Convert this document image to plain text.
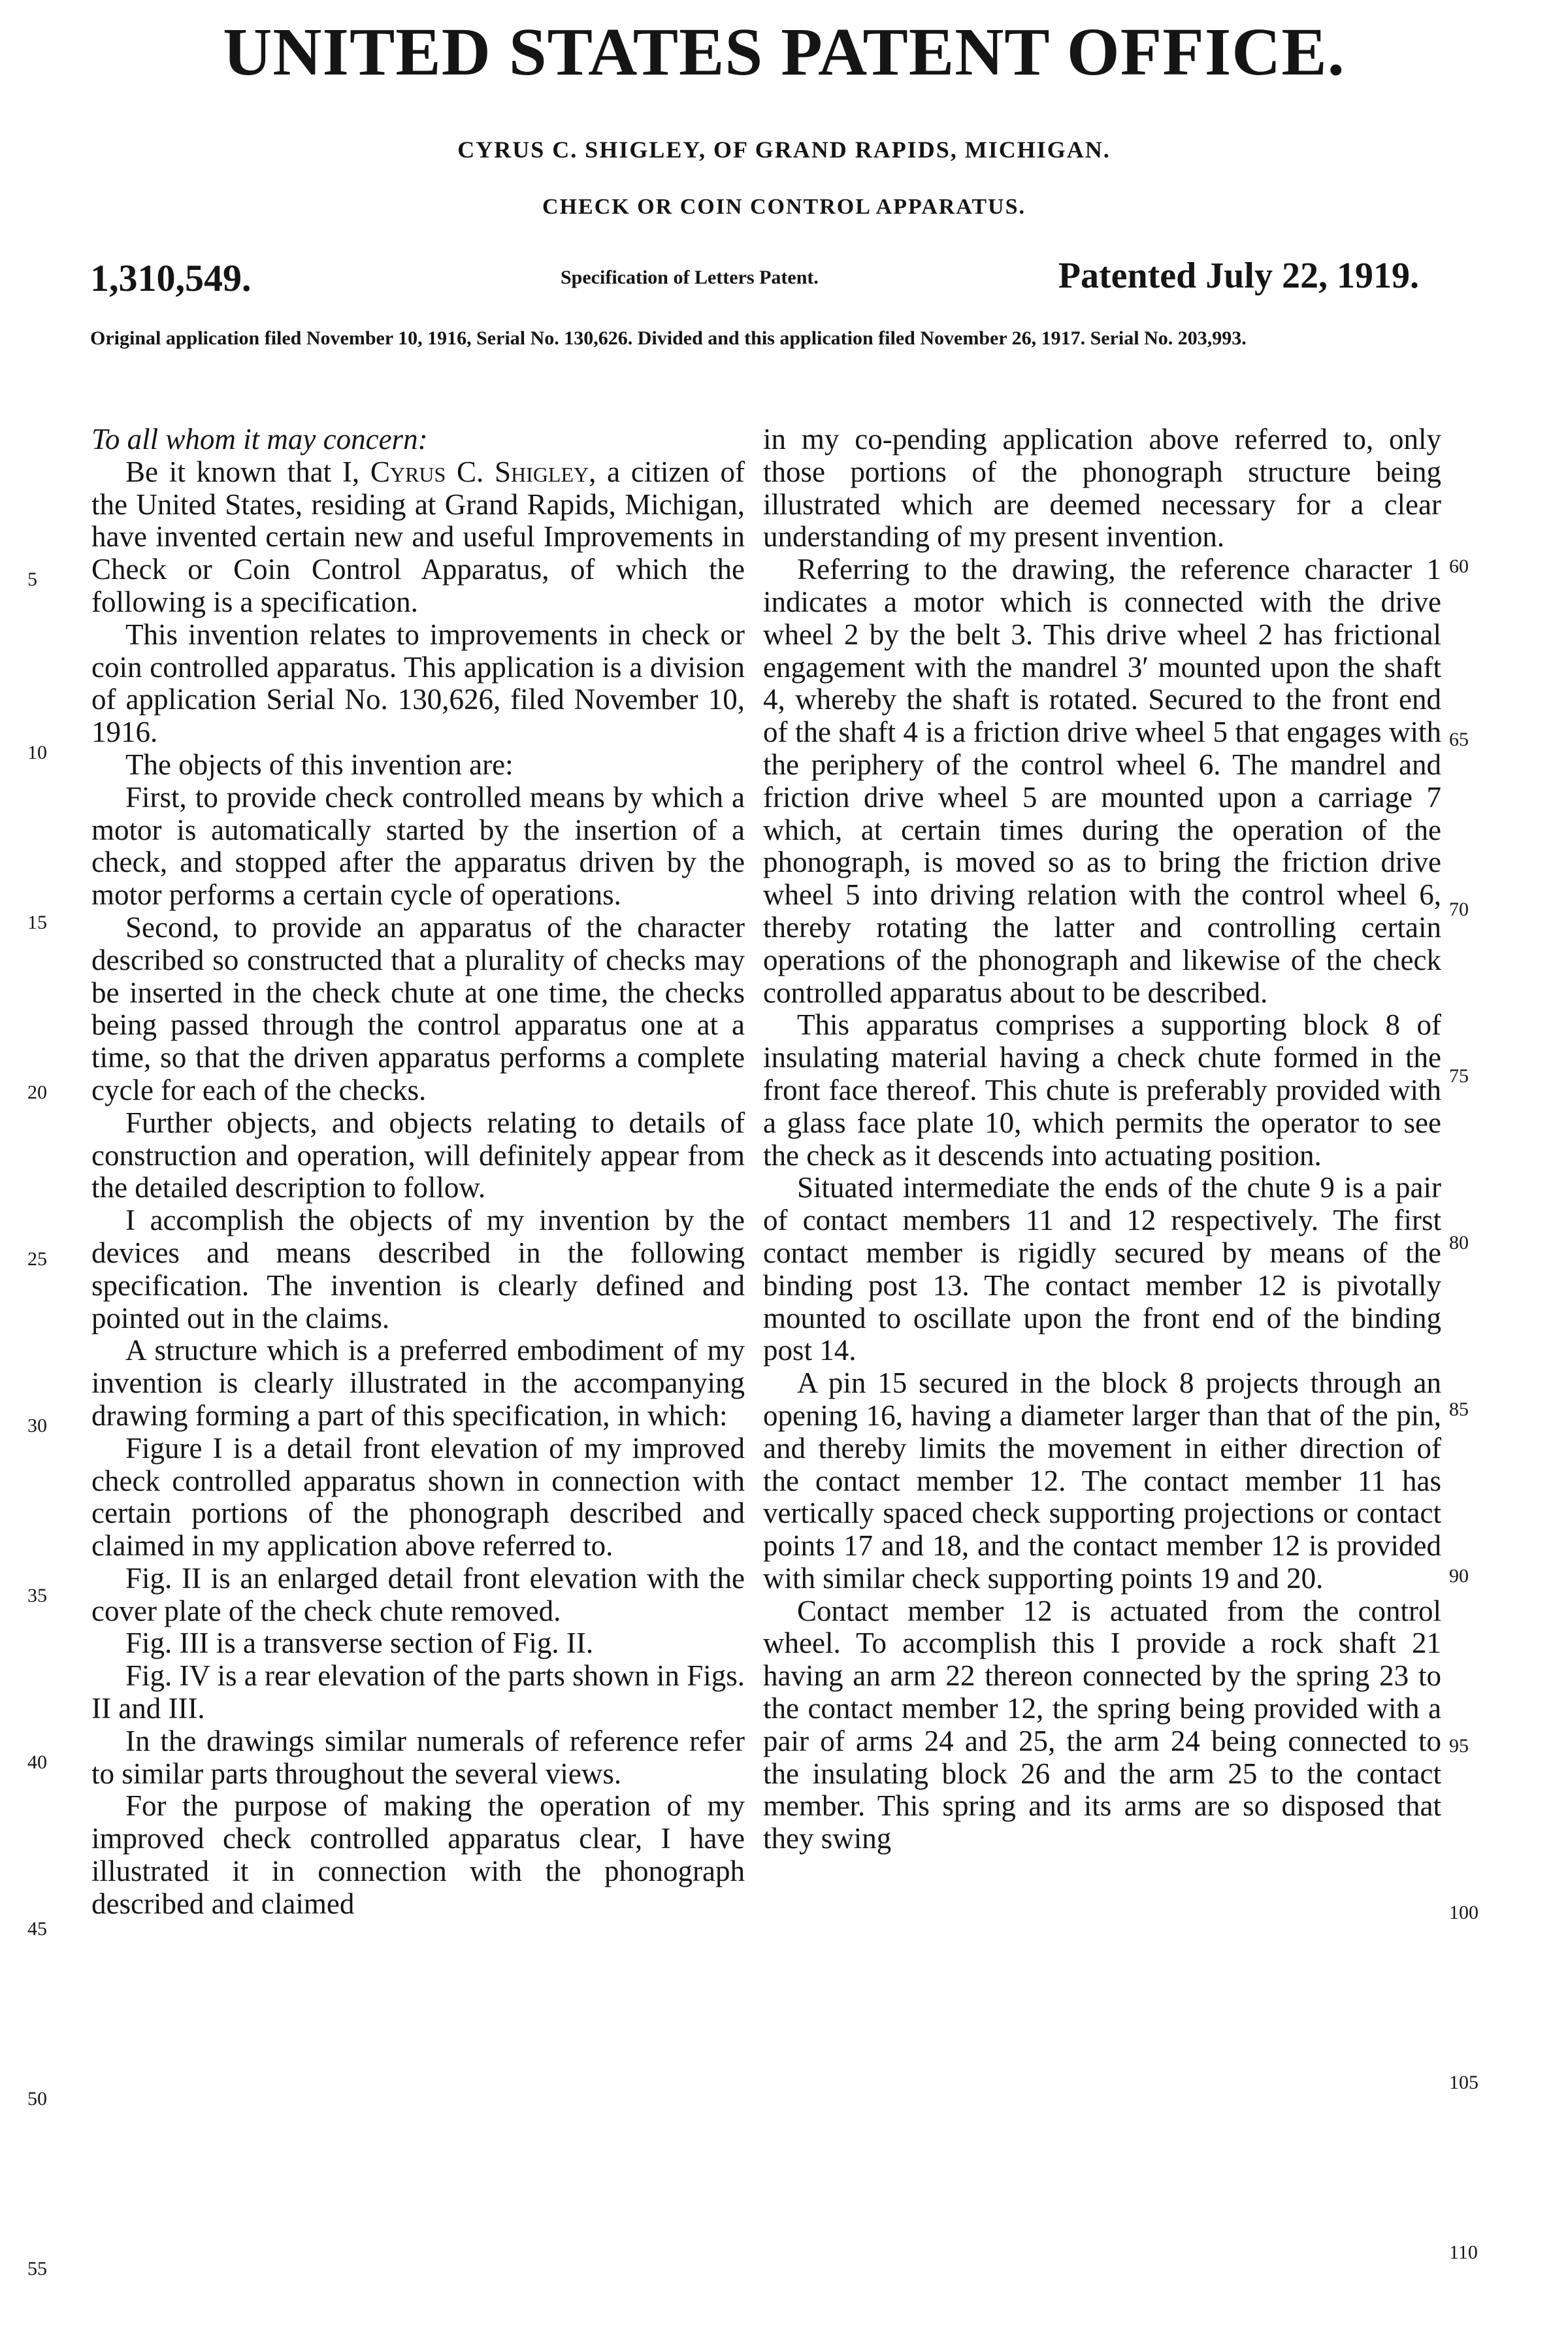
UNITED STATES PATENT OFFICE.
CYRUS C. SHIGLEY, OF GRAND RAPIDS, MICHIGAN.
CHECK OR COIN CONTROL APPARATUS.
1,310,549.	Specification of Letters Patent.	Patented July 22, 1919.
Original application filed November 10, 1916, Serial No. 130,626. Divided and this application filed November 26, 1917. Serial No. 203,993.

To all whom it may concern:

Be it known that I, Cyrus C. Shigley, a citizen of the United States, residing at Grand Rapids, Michigan, have invented certain new and useful Improvements in Check or Coin Control Apparatus, of which the following is a specification.

This invention relates to improvements in check or coin controlled apparatus. This application is a division of application Serial No. 130,626, filed November 10, 1916.

The objects of this invention are:

First, to provide check controlled means by which a motor is automatically started by the insertion of a check, and stopped after the apparatus driven by the motor performs a certain cycle of operations.

Second, to provide an apparatus of the character described so constructed that a plurality of checks may be inserted in the check chute at one time, the checks being passed through the control apparatus one at a time, so that the driven apparatus performs a complete cycle for each of the checks.

Further objects, and objects relating to details of construction and operation, will definitely appear from the detailed description to follow.

I accomplish the objects of my invention by the devices and means described in the following specification. The invention is clearly defined and pointed out in the claims.

A structure which is a preferred embodiment of my invention is clearly illustrated in the accompanying drawing forming a part of this specification, in which:

Figure I is a detail front elevation of my improved check controlled apparatus shown in connection with certain portions of the phonograph described and claimed in my application above referred to.

Fig. II is an enlarged detail front elevation with the cover plate of the check chute removed.

Fig. III is a transverse section of Fig. II.

Fig. IV is a rear elevation of the parts shown in Figs. II and III.

In the drawings similar numerals of reference refer to similar parts throughout the several views.

For the purpose of making the operation of my improved check controlled apparatus clear, I have illustrated it in connection with the phonograph described and claimed

in my co-pending application above referred to, only those portions of the phonograph structure being illustrated which are deemed necessary for a clear understanding of my present invention.

Referring to the drawing, the reference character 1 indicates a motor which is connected with the drive wheel 2 by the belt 3. This drive wheel 2 has frictional engagement with the mandrel 3′ mounted upon the shaft 4, whereby the shaft is rotated. Secured to the front end of the shaft 4 is a friction drive wheel 5 that engages with the periphery of the control wheel 6. The mandrel and friction drive wheel 5 are mounted upon a carriage 7 which, at certain times during the operation of the phonograph, is moved so as to bring the friction drive wheel 5 into driving relation with the control wheel 6, thereby rotating the latter and controlling certain operations of the phonograph and likewise of the check controlled apparatus about to be described.

This apparatus comprises a supporting block 8 of insulating material having a check chute formed in the front face thereof. This chute is preferably provided with a glass face plate 10, which permits the operator to see the check as it descends into actuating position.

Situated intermediate the ends of the chute 9 is a pair of contact members 11 and 12 respectively. The first contact member is rigidly secured by means of the binding post 13. The contact member 12 is pivotally mounted to oscillate upon the front end of the binding post 14.

A pin 15 secured in the block 8 projects through an opening 16, having a diameter larger than that of the pin, and thereby limits the movement in either direction of the contact member 12. The contact member 11 has vertically spaced check supporting projections or contact points 17 and 18, and the contact member 12 is provided with similar check supporting points 19 and 20.

Contact member 12 is actuated from the control wheel. To accomplish this I provide a rock shaft 21 having an arm 22 thereon connected by the spring 23 to the contact member 12, the spring being provided with a pair of arms 24 and 25, the arm 24 being connected to the insulating block 26 and the arm 25 to the contact member. This spring and its arms are so disposed that they swing

5
10
15
20
25
30
35
40
45
50
55
60
65
70
75
80
85
90
95
100
105
110
